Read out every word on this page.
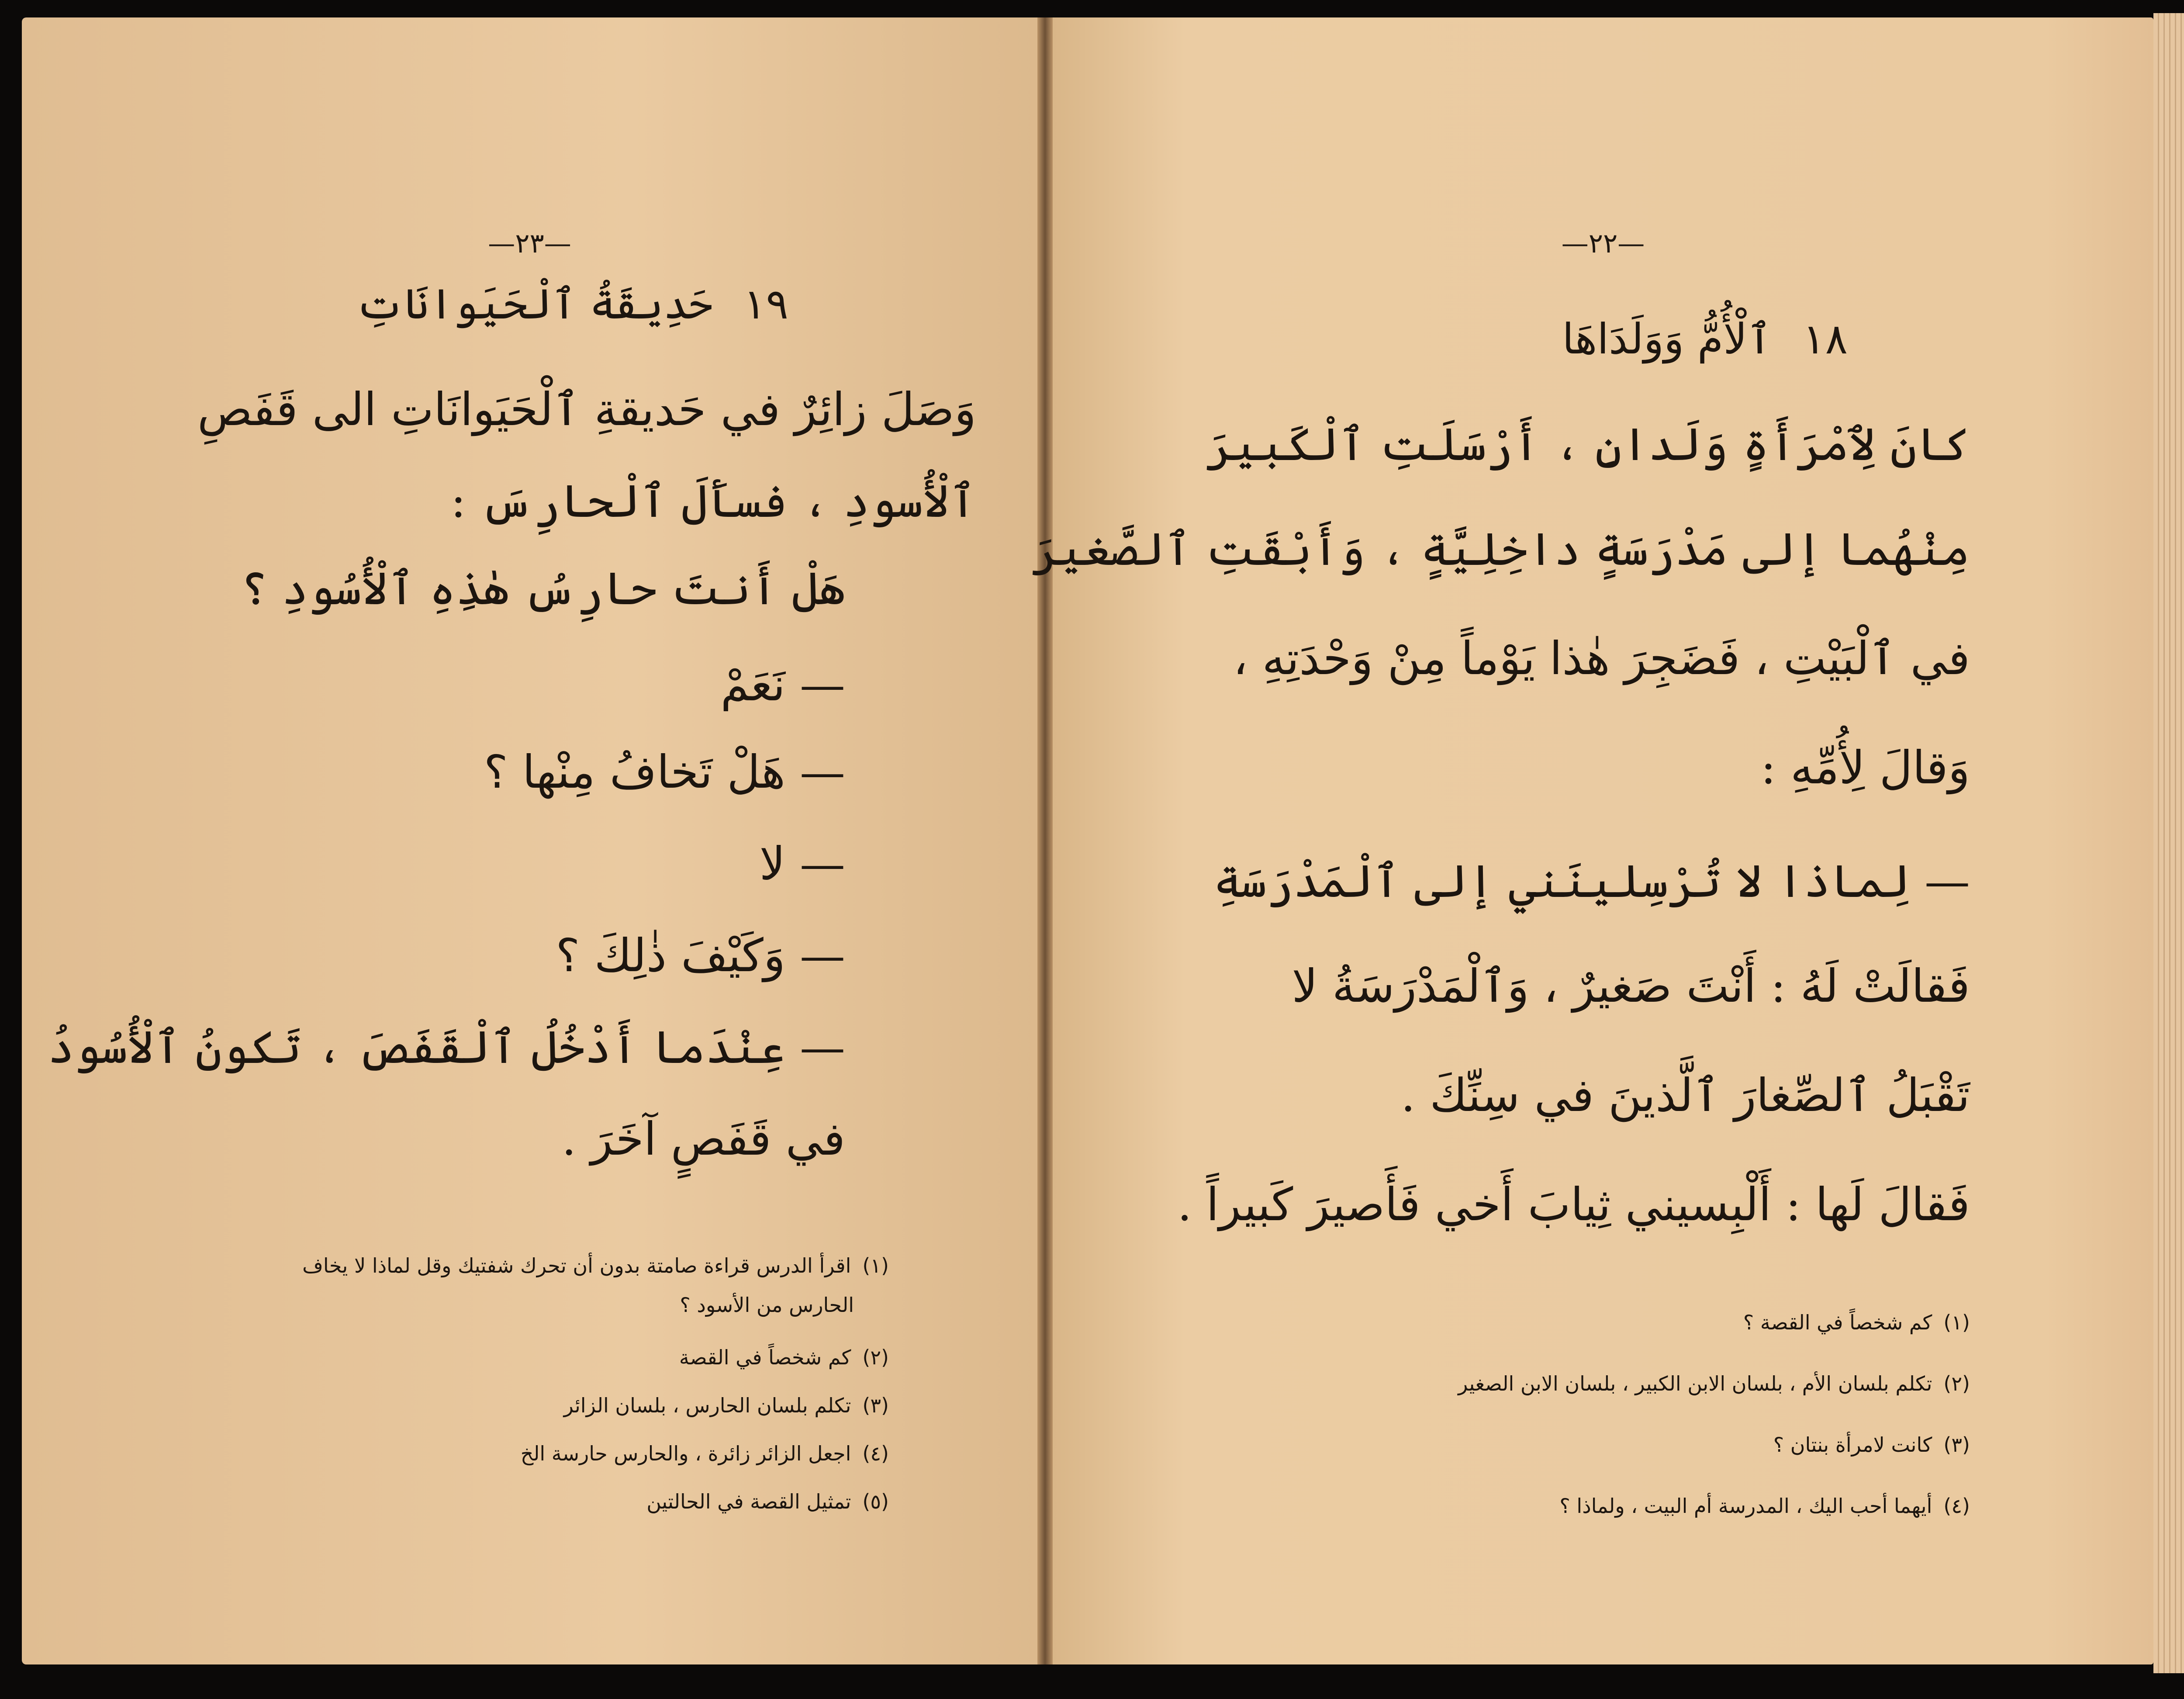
—٢٣—
١٩ حَدِيقَةُ ٱلْحَيَوانَاتِ
وَصَلَ زائِرٌ في حَديقةِ ٱلْحَيَوانَاتِ الى قَفَصِ
ٱلْأُسودِ ، فسأَلَ ٱلْحارِسَ :
هَلْ أَنتَ حارِسُ هٰذِهِ ٱلْأُسُودِ ؟
— نَعَمْ
— هَلْ تَخافُ مِنْها ؟
— لا
— وَكَيْفَ ذٰلِكَ ؟
— عِنْدَما أَدْخُلُ ٱلْقَفَصَ ، تَكونُ ٱلْأُسُودُ
في قَفَصٍ آخَرَ .
(١)اقرأ الدرس قراءة صامتة بدون أن تحرك شفتيك وقل لماذا لا يخاف
الحارس من الأسود ؟
(٢)كم شخصاً في القصة
(٣)تكلم بلسان الحارس ، بلسان الزائر
(٤)اجعل الزائر زائرة ، والحارس حارسة الخ
(٥)تمثيل القصة في الحالتين
—٢٢—
١٨ ٱلْأُمُّ وَوَلَدَاهَا
كانَ لِٱمْرَأَةٍ وَلَدانِ ، أَرْسَلَتِ ٱلْكَبيرَ
مِنْهُما إلى مَدْرَسَةٍ داخِلِيَّةٍ ، وَأَبْقَتِ ٱلصَّغيرَ
في ٱلْبَيْتِ ، فَضَجِرَ هٰذا يَوْماً مِنْ وَحْدَتِهِ ،
وَقالَ لِأُمِّهِ :
— لِماذا لا تُرْسِلينَني إلى ٱلْمَدْرَسَةِ
فَقالَتْ لَهُ : أَنْتَ صَغيرٌ ، وَٱلْمَدْرَسَةُ لا
تَقْبَلُ ٱلصِّغارَ ٱلَّذينَ في سِنِّكَ .
فَقالَ لَها : أَلْبِسيني ثِيابَ أَخي فَأَصيرَ كَبيراً .
(١)كم شخصاً في القصة ؟
(٢)تكلم بلسان الأم ، بلسان الابن الكبير ، بلسان الابن الصغير
(٣)كانت لامرأة بنتان ؟
(٤)أيهما أحب اليك ، المدرسة أم البيت ، ولماذا ؟
